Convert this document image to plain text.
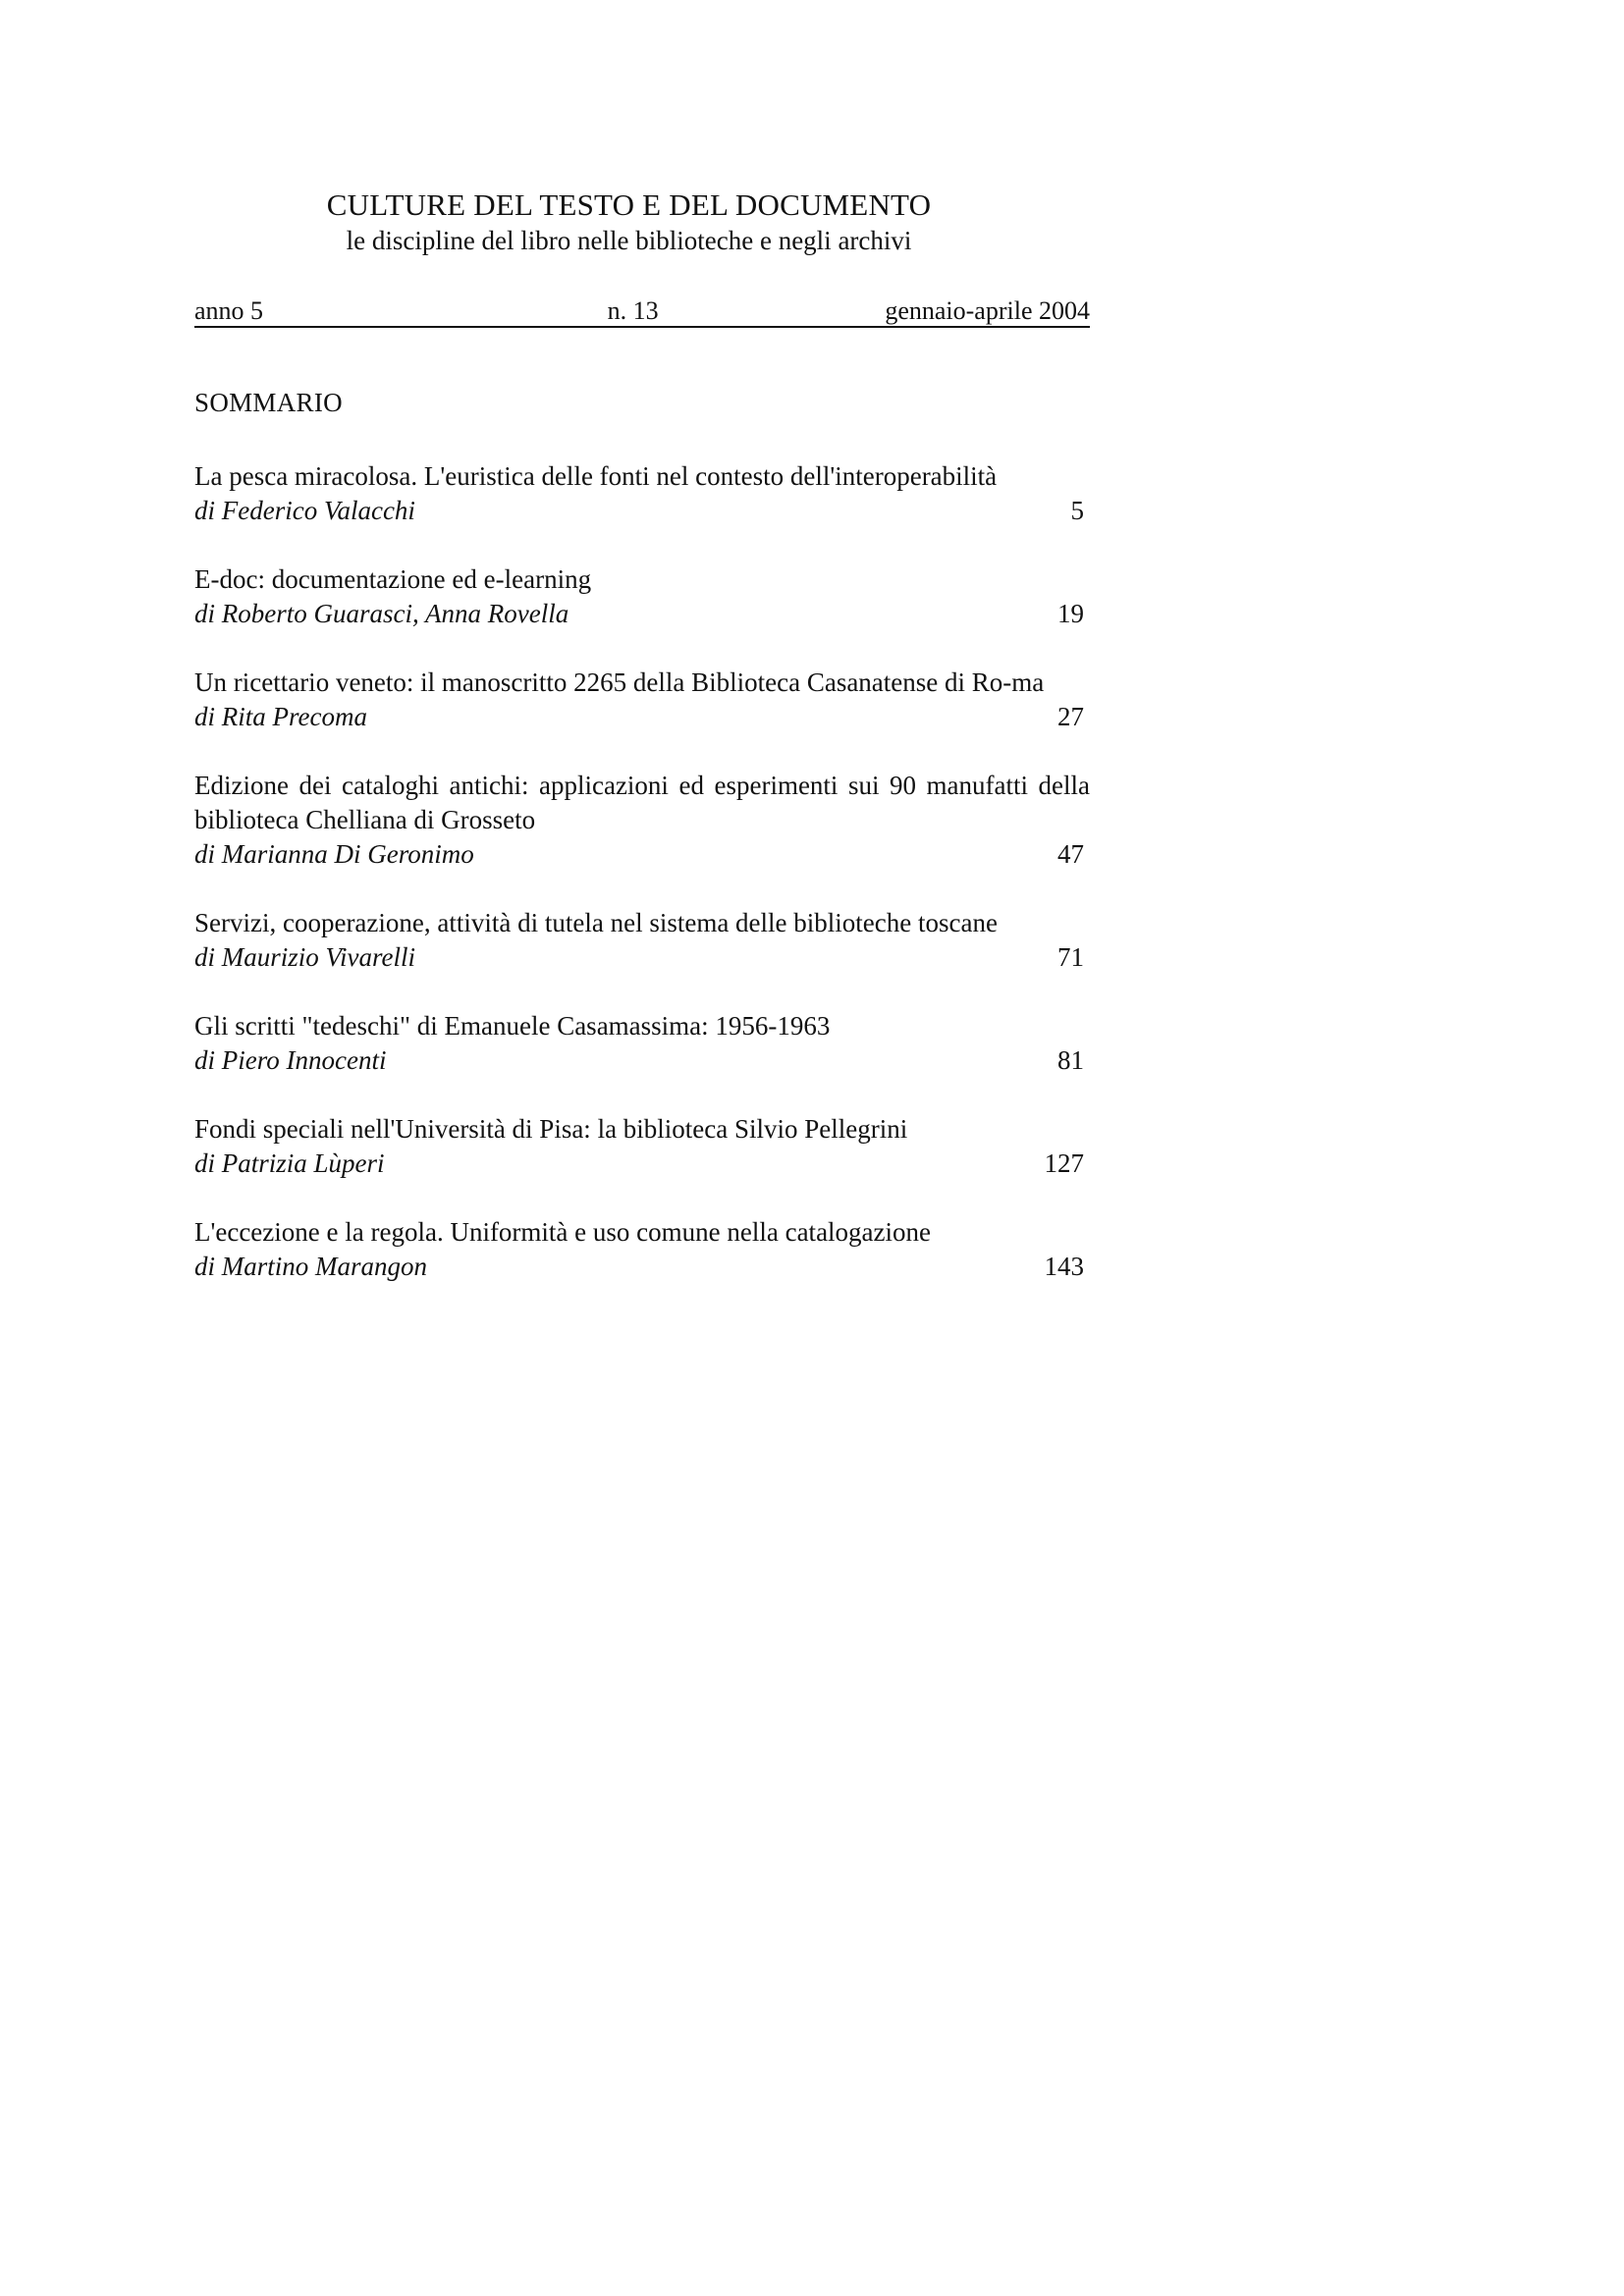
CULTURE DEL TESTO E DEL DOCUMENTO
le discipline del libro nelle biblioteche e negli archivi
anno 5	n. 13	gennaio-aprile 2004
SOMMARIO
La pesca miracolosa. L'euristica delle fonti nel contesto dell'interoperabilità
di Federico Valacchi	5
E-doc: documentazione ed e-learning
di Roberto Guarasci, Anna Rovella	19
Un ricettario veneto: il manoscritto 2265 della Biblioteca Casanatense di Ro-ma
di Rita Precoma	27
Edizione dei cataloghi antichi: applicazioni ed esperimenti sui 90 manufatti della biblioteca Chelliana di Grosseto
di Marianna Di Geronimo	47
Servizi, cooperazione, attività di tutela nel sistema delle biblioteche toscane
di Maurizio Vivarelli	71
Gli scritti "tedeschi" di Emanuele Casamassima: 1956-1963
di Piero Innocenti	81
Fondi speciali nell'Università di Pisa: la biblioteca Silvio Pellegrini
di Patrizia Lùperi	127
L'eccezione e la regola. Uniformità e uso comune nella catalogazione
di Martino Marangon	143
